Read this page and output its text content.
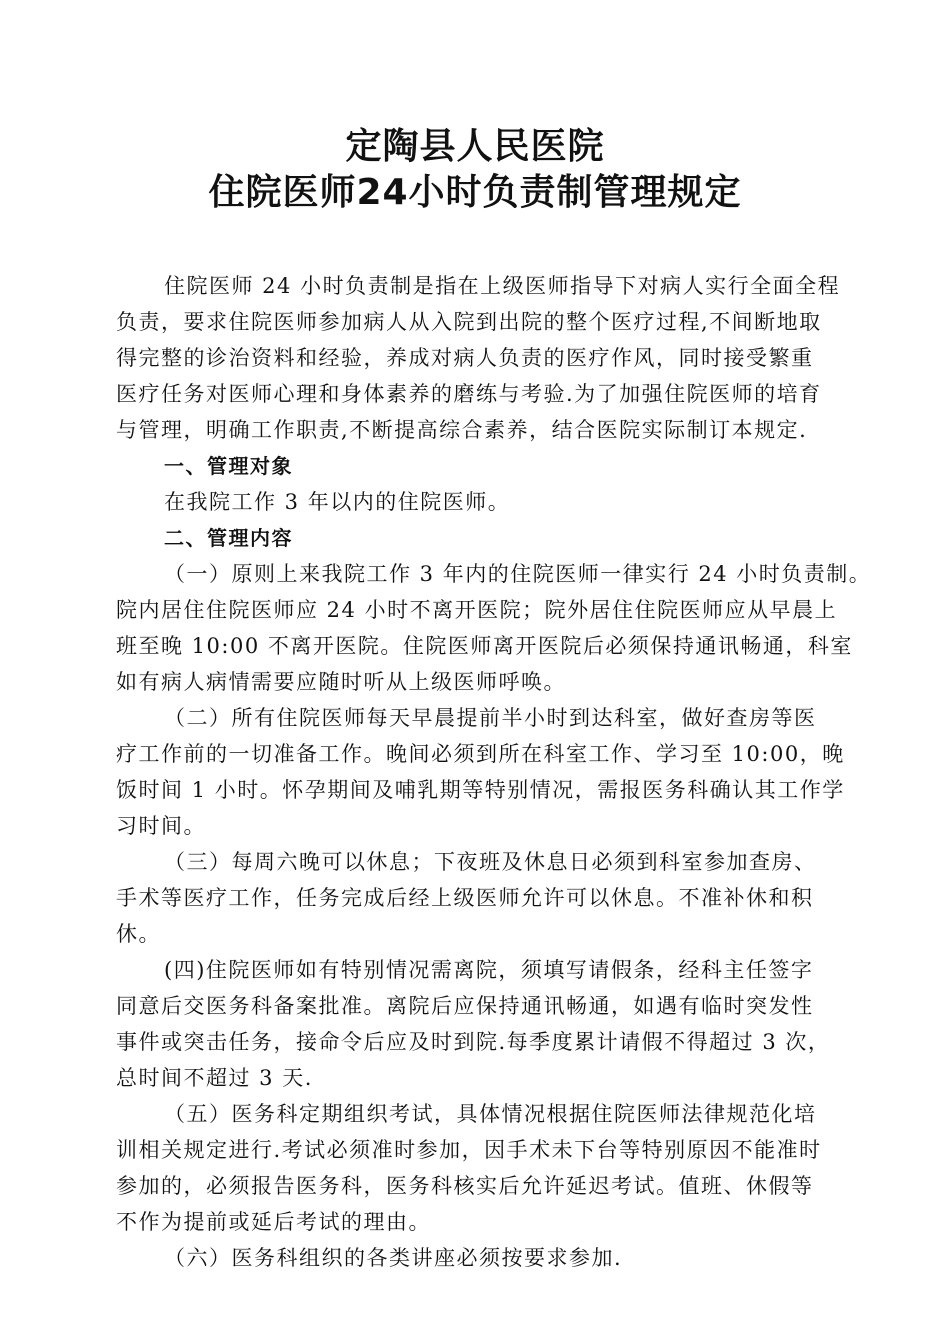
定陶县人民医院
住院医师24小时负责制管理规定

住院医师 24 小时负责制是指在上级医师指导下对病人实行全面全程
负责，要求住院医师参加病人从入院到出院的整个医疗过程,不间断地取
得完整的诊治资料和经验，养成对病人负责的医疗作风，同时接受繁重
医疗任务对医师心理和身体素养的磨练与考验.为了加强住院医师的培育
与管理，明确工作职责,不断提高综合素养，结合医院实际制订本规定.

一、管理对象

在我院工作 3 年以内的住院医师。

二、管理内容

（一）原则上来我院工作 3 年内的住院医师一律实行 24 小时负责制。
院内居住住院医师应 24 小时不离开医院；院外居住住院医师应从早晨上
班至晚 10:00 不离开医院。住院医师离开医院后必须保持通讯畅通，科室
如有病人病情需要应随时听从上级医师呼唤。

（二）所有住院医师每天早晨提前半小时到达科室，做好查房等医
疗工作前的一切准备工作。晚间必须到所在科室工作、学习至 10:00，晚
饭时间 1 小时。怀孕期间及哺乳期等特别情况，需报医务科确认其工作学
习时间。

（三）每周六晚可以休息；下夜班及休息日必须到科室参加查房、
手术等医疗工作，任务完成后经上级医师允许可以休息。不准补休和积
休。

(四)住院医师如有特别情况需离院，须填写请假条，经科主任签字
同意后交医务科备案批准。离院后应保持通讯畅通，如遇有临时突发性
事件或突击任务，接命令后应及时到院.每季度累计请假不得超过 3 次，
总时间不超过 3 天.

（五）医务科定期组织考试，具体情况根据住院医师法律规范化培
训相关规定进行.考试必须准时参加，因手术未下台等特别原因不能准时
参加的，必须报告医务科，医务科核实后允许延迟考试。值班、休假等
不作为提前或延后考试的理由。

（六）医务科组织的各类讲座必须按要求参加.
